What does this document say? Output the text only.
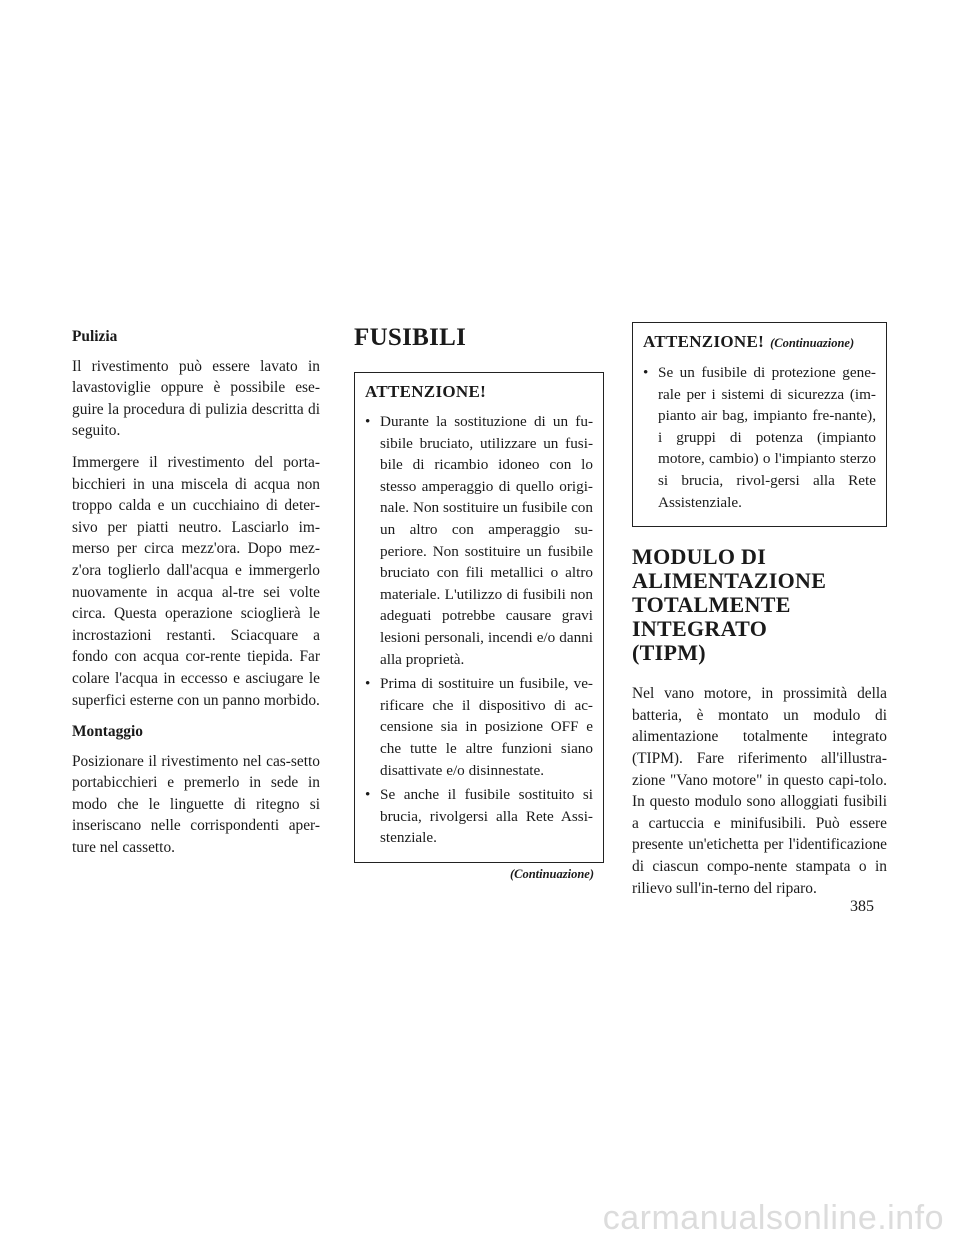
Pulizia

Il rivestimento può essere lavato in lavastoviglie oppure è possibile ese-guire la procedura di pulizia descritta di seguito.

Immergere il rivestimento del porta-bicchieri in una miscela di acqua non troppo calda e un cucchiaino di deter-sivo per piatti neutro. Lasciarlo im-merso per circa mezz'ora. Dopo mez-z'ora toglierlo dall'acqua e immergerlo nuovamente in acqua al-tre sei volte circa. Questa operazione scioglierà le incrostazioni restanti. Sciacquare a fondo con acqua cor-rente tiepida. Far colare l'acqua in eccesso e asciugare le superfici esterne con un panno morbido.

Montaggio

Posizionare il rivestimento nel cas-setto portabicchieri e premerlo in sede in modo che le linguette di ritegno si inseriscano nelle corrispondenti aper-ture nel cassetto.

FUSIBILI
ATTENZIONE!
• Durante la sostituzione di un fu-sibile bruciato, utilizzare un fusi-bile di ricambio idoneo con lo stesso amperaggio di quello origi-nale. Non sostituire un fusibile con un altro con amperaggio su-periore. Non sostituire un fusibile bruciato con fili metallici o altro materiale. L'utilizzo di fusibili non adeguati potrebbe causare gravi lesioni personali, incendi e/o danni alla proprietà.
• Prima di sostituire un fusibile, ve-rificare che il dispositivo di ac-censione sia in posizione OFF e che tutte le altre funzioni siano disattivate e/o disinnestate.
• Se anche il fusibile sostituito si brucia, rivolgersi alla Rete Assi-stenziale.
(Continuazione)
ATTENZIONE! (Continuazione)
• Se un fusibile di protezione gene-rale per i sistemi di sicurezza (im-pianto air bag, impianto fre-nante), i gruppi di potenza (impianto motore, cambio) o l'impianto sterzo si brucia, rivol-gersi alla Rete Assistenziale.
MODULO DI
ALIMENTAZIONE
TOTALMENTE INTEGRATO
(TIPM)

Nel vano motore, in prossimità della batteria, è montato un modulo di alimentazione totalmente integrato (TIPM). Fare riferimento all'illustra-zione "Vano motore" in questo capi-tolo. In questo modulo sono alloggiati fusibili a cartuccia e minifusibili. Può essere presente un'etichetta per l'identificazione di ciascun compo-nente stampata o in rilievo sull'in-terno del riparo.

385
carmanualsonline.info
